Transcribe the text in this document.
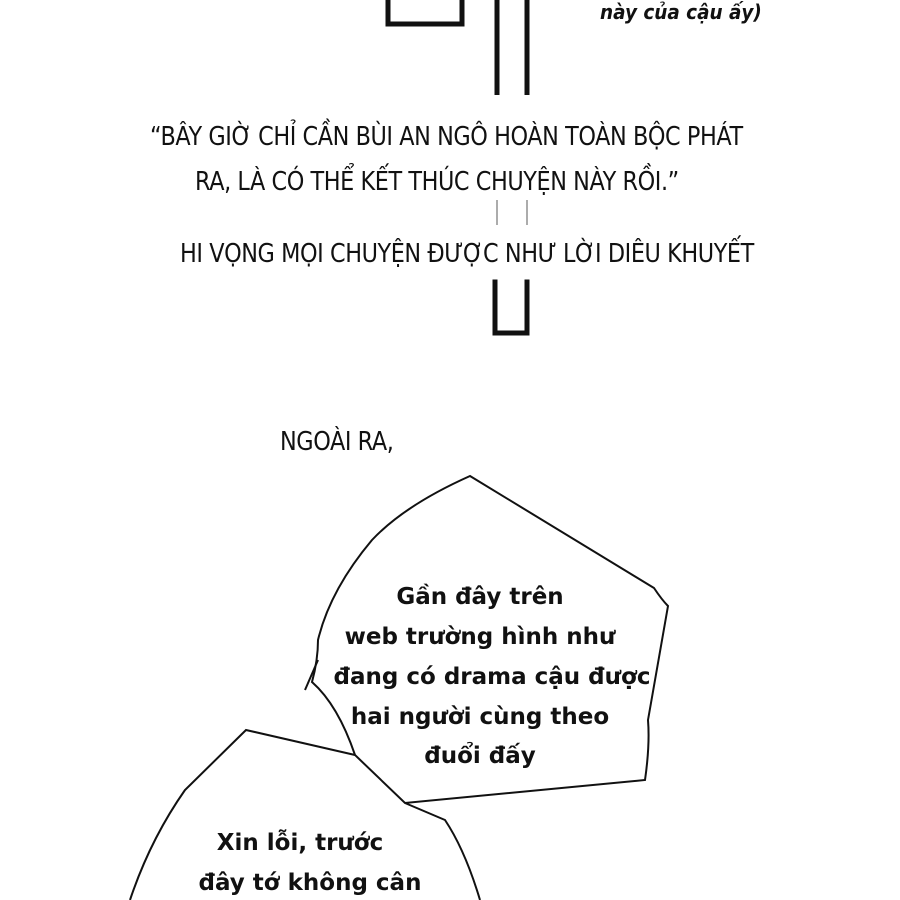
này của cậu ấy)
“BÂY GIỜ CHỈ CẦN BÙI AN NGÔ HOÀN TOÀN BỘC PHÁT
RA, LÀ CÓ THỂ KẾT THÚC CHUYỆN NÀY RỒI.”
HI VỌNG MỌI CHUYỆN ĐƯỢC NHƯ LỜI DIÊU KHUYẾT
NGOÀI RA,
Gần đây trên
web trường hình như
đang có drama cậu được
hai người cùng theo
đuổi đấy
Xin lỗi, trước
đây tớ không cân
